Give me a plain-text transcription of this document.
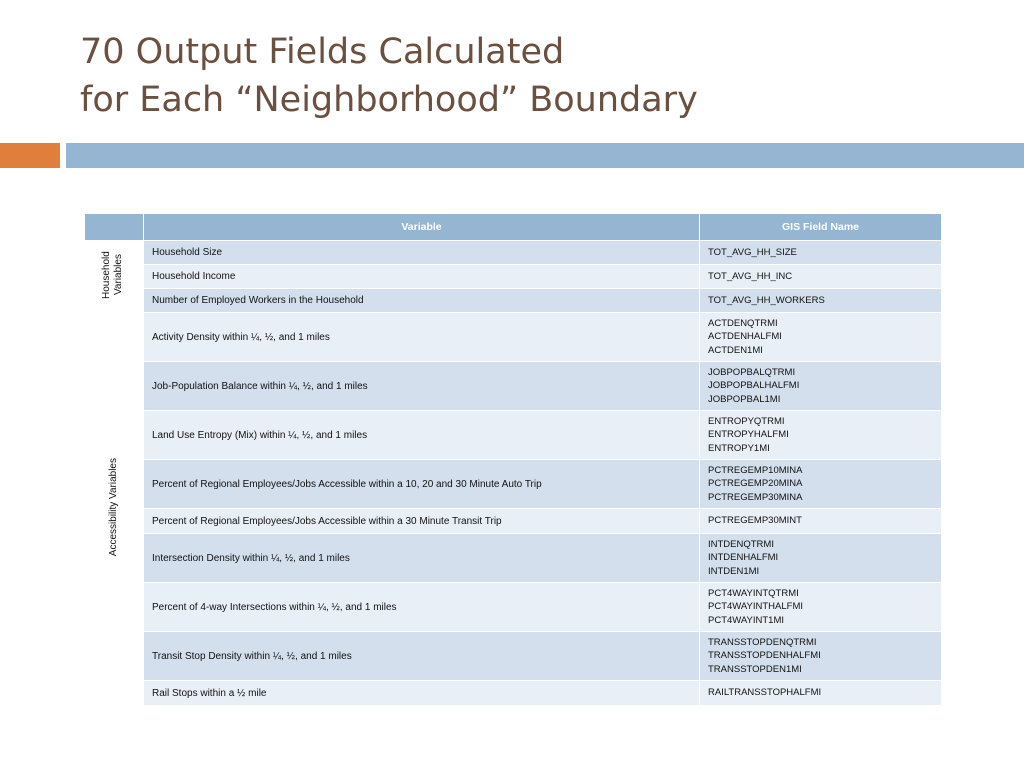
70 Output Fields Calculated
for Each “Neighborhood” Boundary
	Variable	GIS Field Name
Household Variables	Household Size	TOT_AVG_HH_SIZE

	Household Income	TOT_AVG_HH_INC

	Number of Employed Workers in the Household	TOT_AVG_HH_WORKERS

Accessibility Variables	Activity Density within ¼, ½, and 1 miles	ACTDENQTRMI
ACTDENHALFMI
ACTDEN1MI

	Job-Population Balance within ¼, ½, and 1 miles	JOBPOPBALQTRMI
JOBPOPBALHALFMI
JOBPOPBAL1MI

	Land Use Entropy (Mix) within ¼, ½, and 1 miles	ENTROPYQTRMI
ENTROPYHALFMI
ENTROPY1MI

	Percent of Regional Employees/Jobs Accessible within a 10, 20 and 30 Minute Auto Trip	PCTREGEMP10MINA
PCTREGEMP20MINA
PCTREGEMP30MINA

	Percent of Regional Employees/Jobs Accessible within a 30 Minute Transit Trip	PCTREGEMP30MINT

	Intersection Density within ¼, ½, and 1 miles	INTDENQTRMI
INTDENHALFMI
INTDEN1MI

	Percent of 4-way Intersections within ¼, ½, and 1 miles	PCT4WAYINTQTRMI
PCT4WAYINTHALFMI
PCT4WAYINT1MI

	Transit Stop Density within ¼, ½, and 1 miles	TRANSSTOPDENQTRMI
TRANSSTOPDENHALFMI
TRANSSTOPDEN1MI

	Rail Stops within a ½ mile	RAILTRANSSTOPHALFMI
